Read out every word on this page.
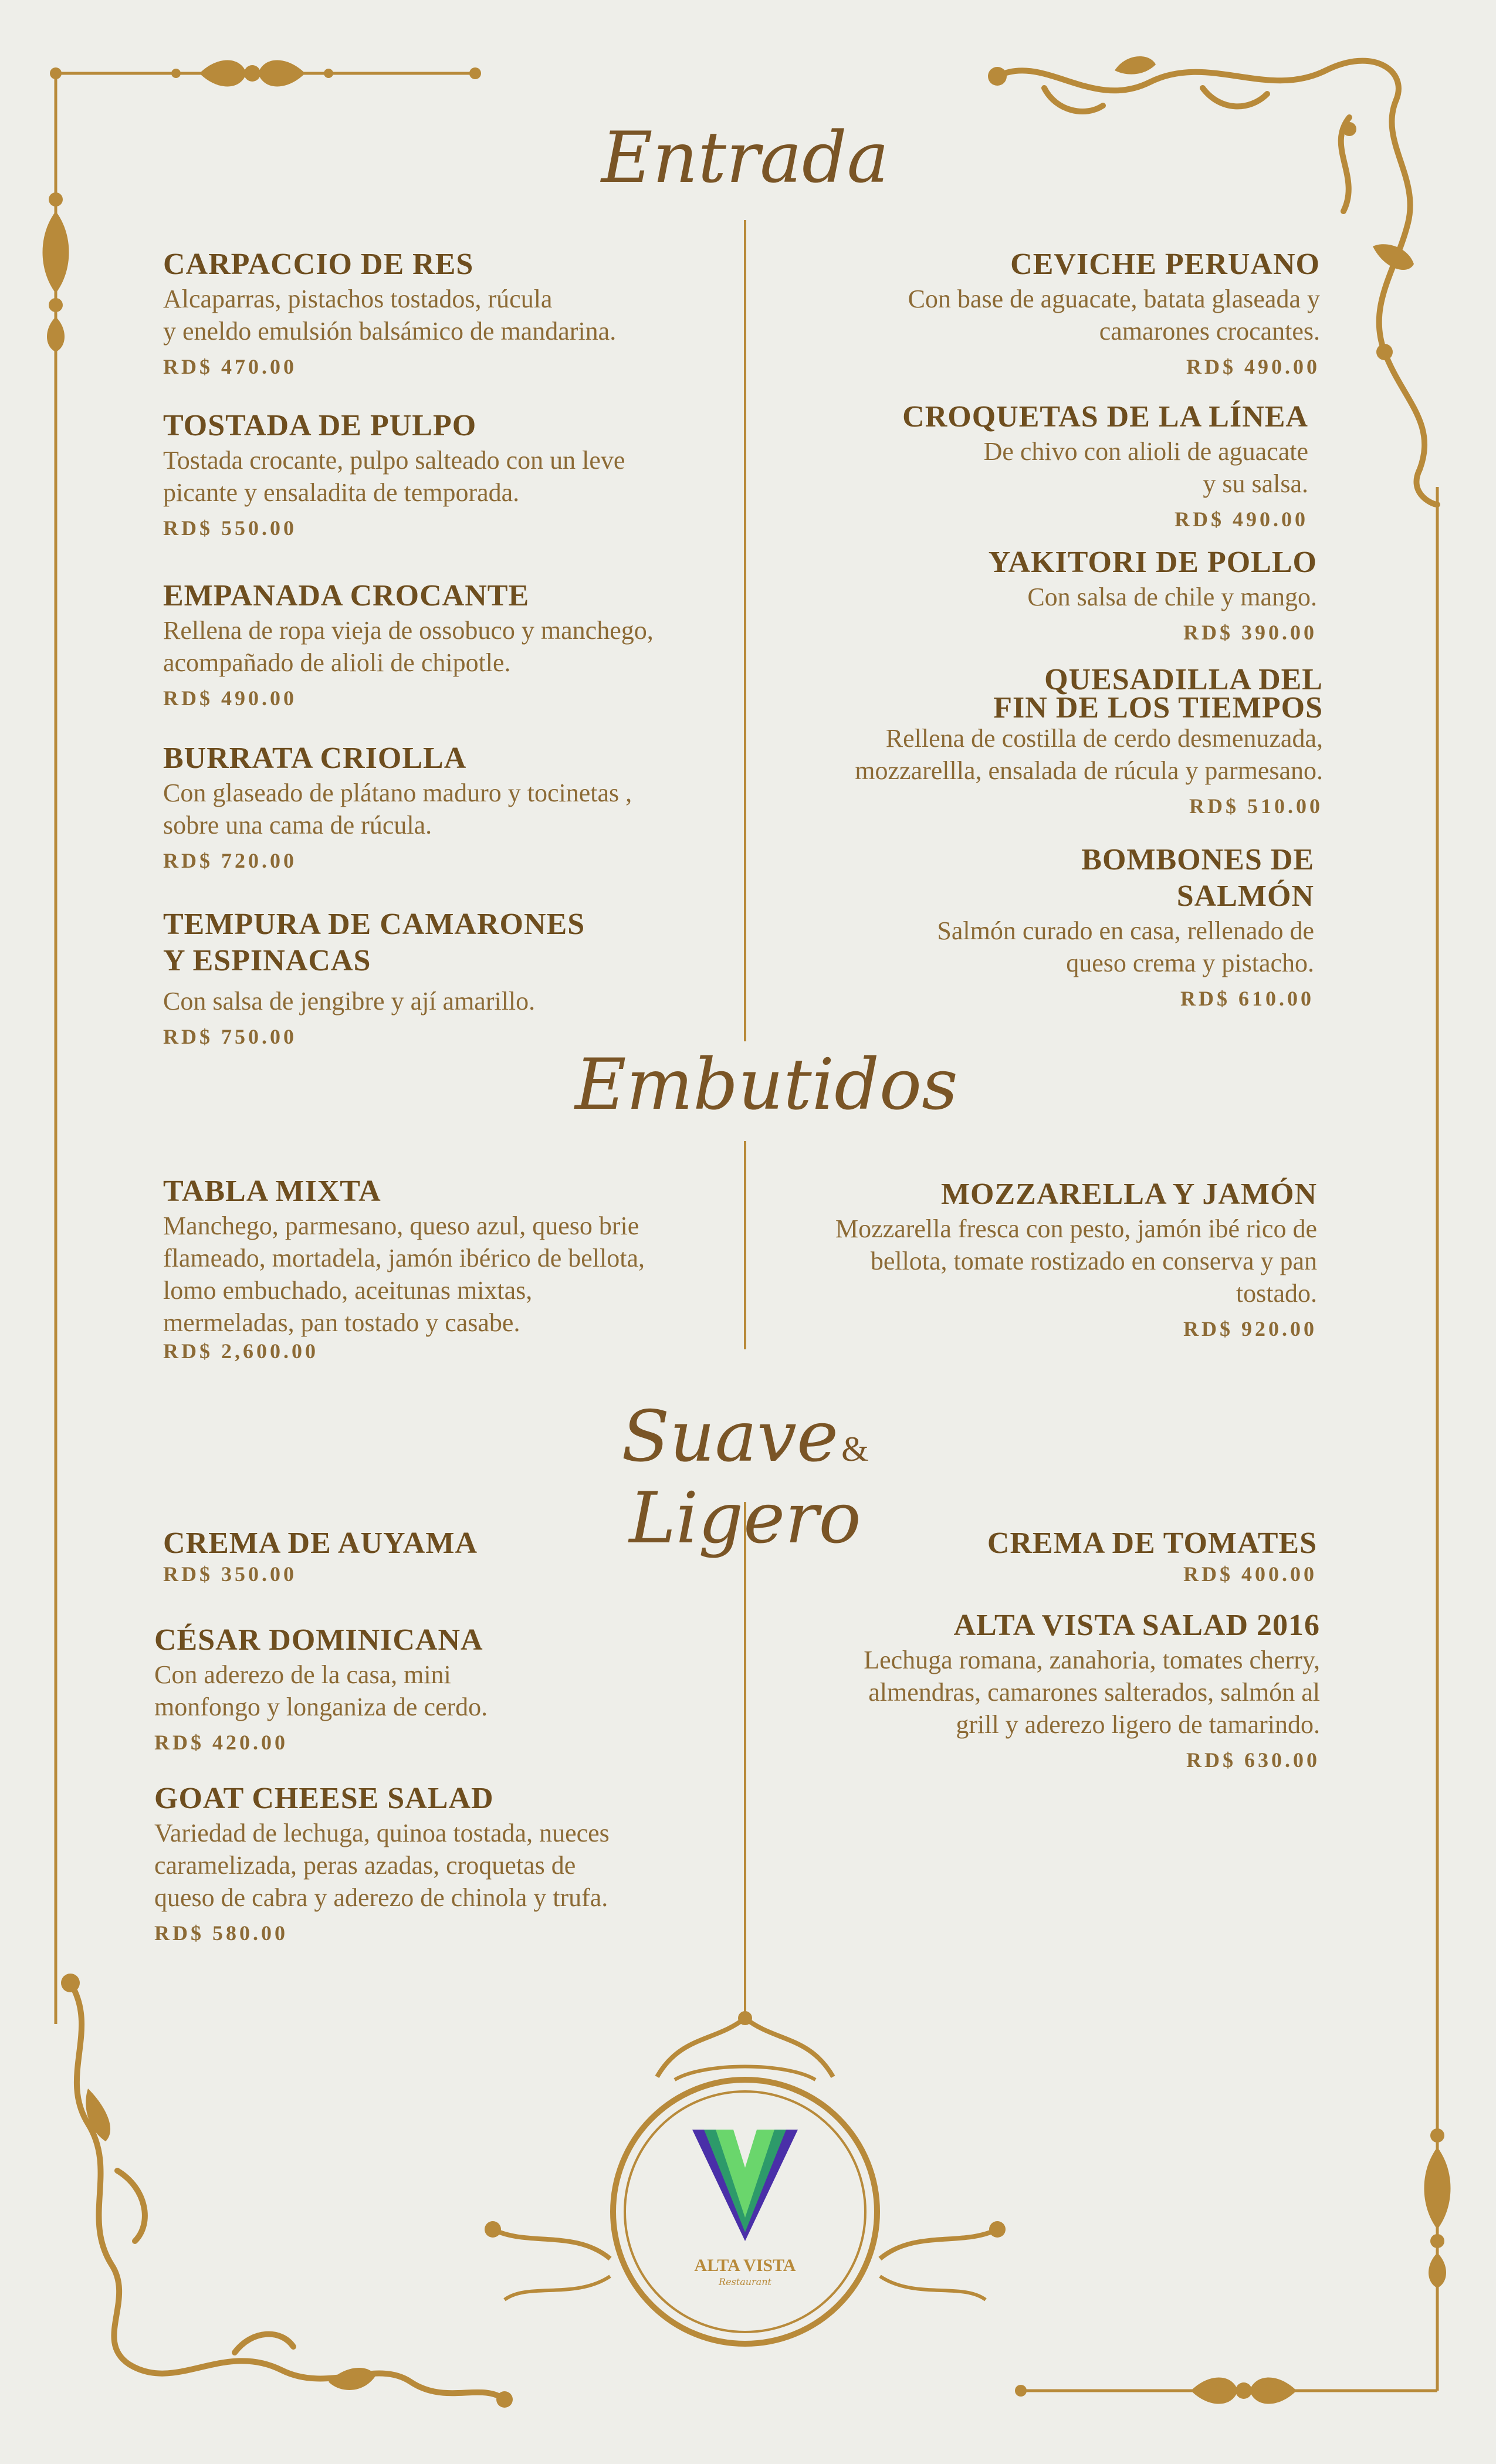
Entrada
Embutidos
Suave & Ligero
CARPACCIO DE RES
Alcaparras, pistachos tostados, rúcula
y eneldo emulsión balsámico de mandarina.
RD$ 470.00
TOSTADA DE PULPO
Tostada crocante, pulpo salteado con un leve
picante y ensaladita de temporada.
RD$ 550.00
EMPANADA CROCANTE
Rellena de ropa vieja de ossobuco y manchego,
acompañado de alioli de chipotle.
RD$ 490.00
BURRATA CRIOLLA
Con glaseado de plátano maduro y tocinetas ,
sobre una cama de rúcula.
RD$ 720.00
TEMPURA DE CAMARONES
Y ESPINACAS
Con salsa de jengibre y ají amarillo.
RD$ 750.00
CEVICHE PERUANO
Con base de aguacate, batata glaseada y
camarones crocantes.
RD$ 490.00
CROQUETAS DE LA LÍNEA
De chivo con alioli de aguacate
y su salsa.
RD$ 490.00
YAKITORI DE POLLO
Con salsa de chile y mango.
RD$ 390.00
QUESADILLA DEL
FIN DE LOS TIEMPOS
Rellena de costilla de cerdo desmenuzada,
mozzarellla, ensalada de rúcula y parmesano.
RD$ 510.00
BOMBONES DE
SALMÓN
Salmón curado en casa, rellenado de
queso crema y pistacho.
RD$ 610.00
TABLA MIXTA
Manchego, parmesano, queso azul, queso brie
flameado, mortadela, jamón ibérico de bellota,
lomo embuchado, aceitunas mixtas,
mermeladas, pan tostado y casabe.
RD$ 2,600.00
MOZZARELLA Y JAMÓN
Mozzarella fresca con pesto, jamón ibé rico de
bellota, tomate rostizado en conserva y pan
tostado.
RD$ 920.00
CREMA DE AUYAMA
RD$ 350.00
CÉSAR DOMINICANA
Con aderezo de la casa, mini
monfongo y longaniza de cerdo.
RD$ 420.00
GOAT CHEESE SALAD
Variedad de lechuga, quinoa tostada, nueces
caramelizada, peras azadas, croquetas de
queso de cabra y aderezo de chinola y trufa.
RD$ 580.00
CREMA DE TOMATES
RD$ 400.00
ALTA VISTA SALAD 2016
Lechuga romana, zanahoria, tomates cherry,
almendras, camarones salterados, salmón al
grill y aderezo ligero de tamarindo.
RD$ 630.00
ALTA VISTA
Restaurant
